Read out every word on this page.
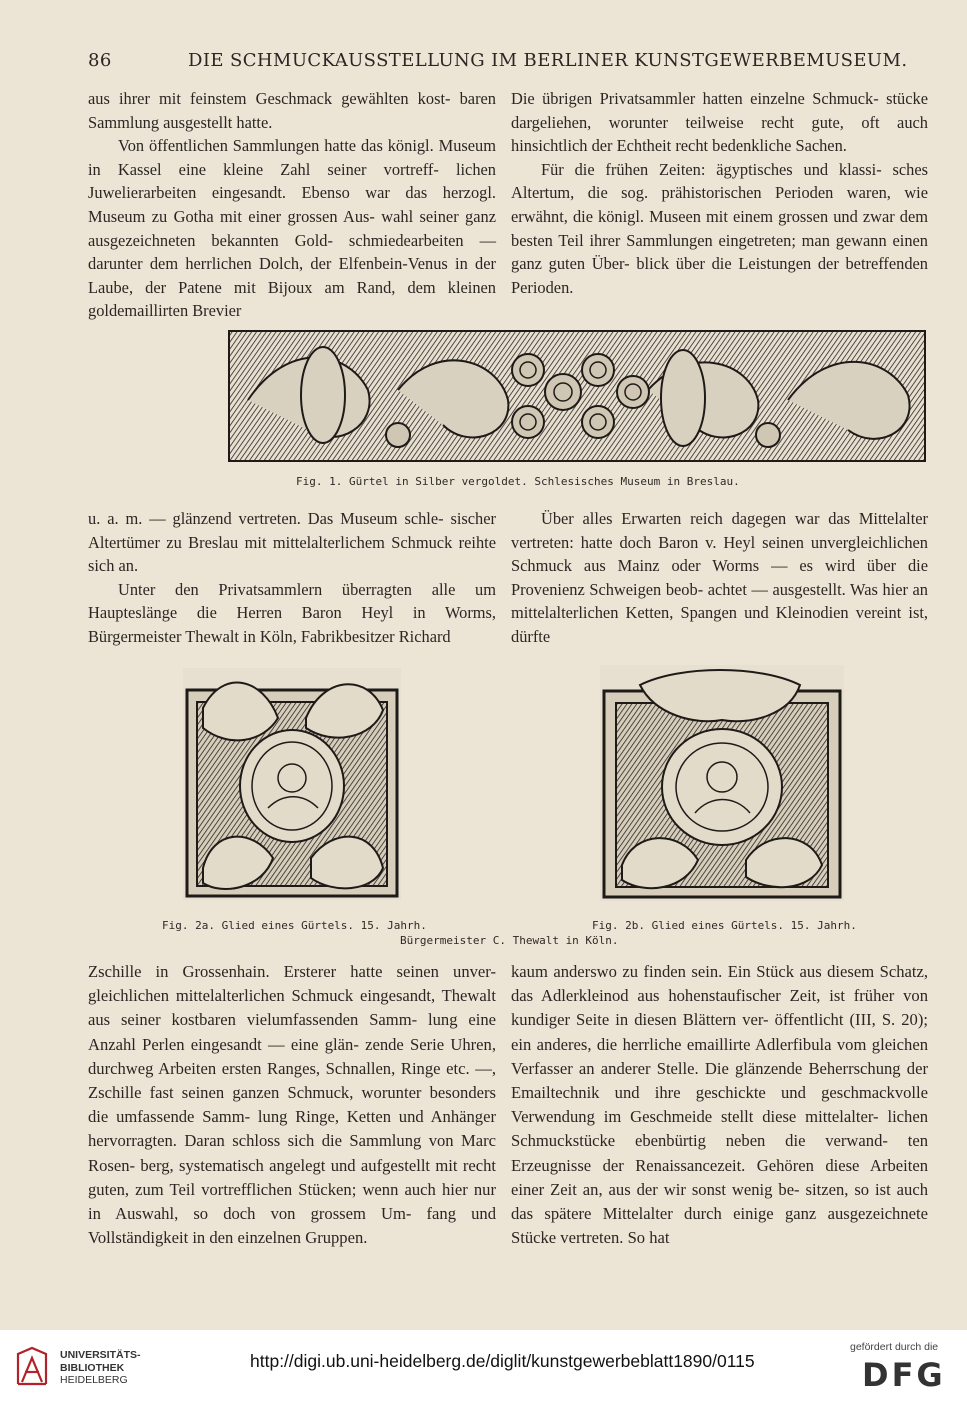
86	DIE SCHMUCKAUSSTELLUNG IM BERLINER KUNSTGEWERBEMUSEUM.

aus ihrer mit feinstem Geschmack gewählten kost- baren Sammlung ausgestellt hatte.

Von öffentlichen Sammlungen hatte das königl. Museum in Kassel eine kleine Zahl seiner vortreff- lichen Juwelierarbeiten eingesandt. Ebenso war das herzogl. Museum zu Gotha mit einer grossen Aus- wahl seiner ganz ausgezeichneten bekannten Gold- schmiedearbeiten — darunter dem herrlichen Dolch, der Elfenbein-Venus in der Laube, der Patene mit Bijoux am Rand, dem kleinen goldemaillirten Brevier

Die übrigen Privatsammler hatten einzelne Schmuck- stücke dargeliehen, worunter teilweise recht gute, oft auch hinsichtlich der Echtheit recht bedenkliche Sachen.

Für die frühen Zeiten: ägyptisches und klassi- sches Altertum, die sog. prähistorischen Perioden waren, wie erwähnt, die königl. Museen mit einem grossen und zwar dem besten Teil ihrer Sammlungen eingetreten; man gewann einen ganz guten Über- blick über die Leistungen der betreffenden Perioden.

Fig. 1. Gürtel in Silber vergoldet. Schlesisches Museum in Breslau.

u. a. m. — glänzend vertreten. Das Museum schle- sischer Altertümer zu Breslau mit mittelalterlichem Schmuck reihte sich an.

Unter den Privatsammlern überragten alle um Haupteslänge die Herren Baron Heyl in Worms, Bürgermeister Thewalt in Köln, Fabrikbesitzer Richard

Über alles Erwarten reich dagegen war das Mittelalter vertreten: hatte doch Baron v. Heyl seinen unvergleichlichen Schmuck aus Mainz oder Worms — es wird über die Provenienz Schweigen beob- achtet — ausgestellt. Was hier an mittelalterlichen Ketten, Spangen und Kleinodien vereint ist, dürfte

Fig. 2a. Glied eines Gürtels. 15. Jahrh.	Fig. 2b. Glied eines Gürtels. 15. Jahrh.
Bürgermeister C. Thewalt in Köln.

Zschille in Grossenhain. Ersterer hatte seinen unver- gleichlichen mittelalterlichen Schmuck eingesandt, Thewalt aus seiner kostbaren vielumfassenden Samm- lung eine Anzahl Perlen eingesandt — eine glän- zende Serie Uhren, durchweg Arbeiten ersten Ranges, Schnallen, Ringe etc. —, Zschille fast seinen ganzen Schmuck, worunter besonders die umfassende Samm- lung Ringe, Ketten und Anhänger hervorragten. Daran schloss sich die Sammlung von Marc Rosen- berg, systematisch angelegt und aufgestellt mit recht guten, zum Teil vortrefflichen Stücken; wenn auch hier nur in Auswahl, so doch von grossem Um- fang und Vollständigkeit in den einzelnen Gruppen.

kaum anderswo zu finden sein. Ein Stück aus diesem Schatz, das Adlerkleinod aus hohenstaufischer Zeit, ist früher von kundiger Seite in diesen Blättern ver- öffentlicht (III, S. 20); ein anderes, die herrliche emaillirte Adlerfibula vom gleichen Verfasser an anderer Stelle. Die glänzende Beherrschung der Emailtechnik und ihre geschickte und geschmackvolle Verwendung im Geschmeide stellt diese mittelalter- lichen Schmuckstücke ebenbürtig neben die verwand- ten Erzeugnisse der Renaissancezeit. Gehören diese Arbeiten einer Zeit an, aus der wir sonst wenig be- sitzen, so ist auch das spätere Mittelalter durch einige ganz ausgezeichnete Stücke vertreten. So hat

UNIVERSITÄTS-
BIBLIOTHEK
HEIDELBERG
http://digi.ub.uni-heidelberg.de/diglit/kunstgewerbeblatt1890/0115
gefördert durch die
DFG
